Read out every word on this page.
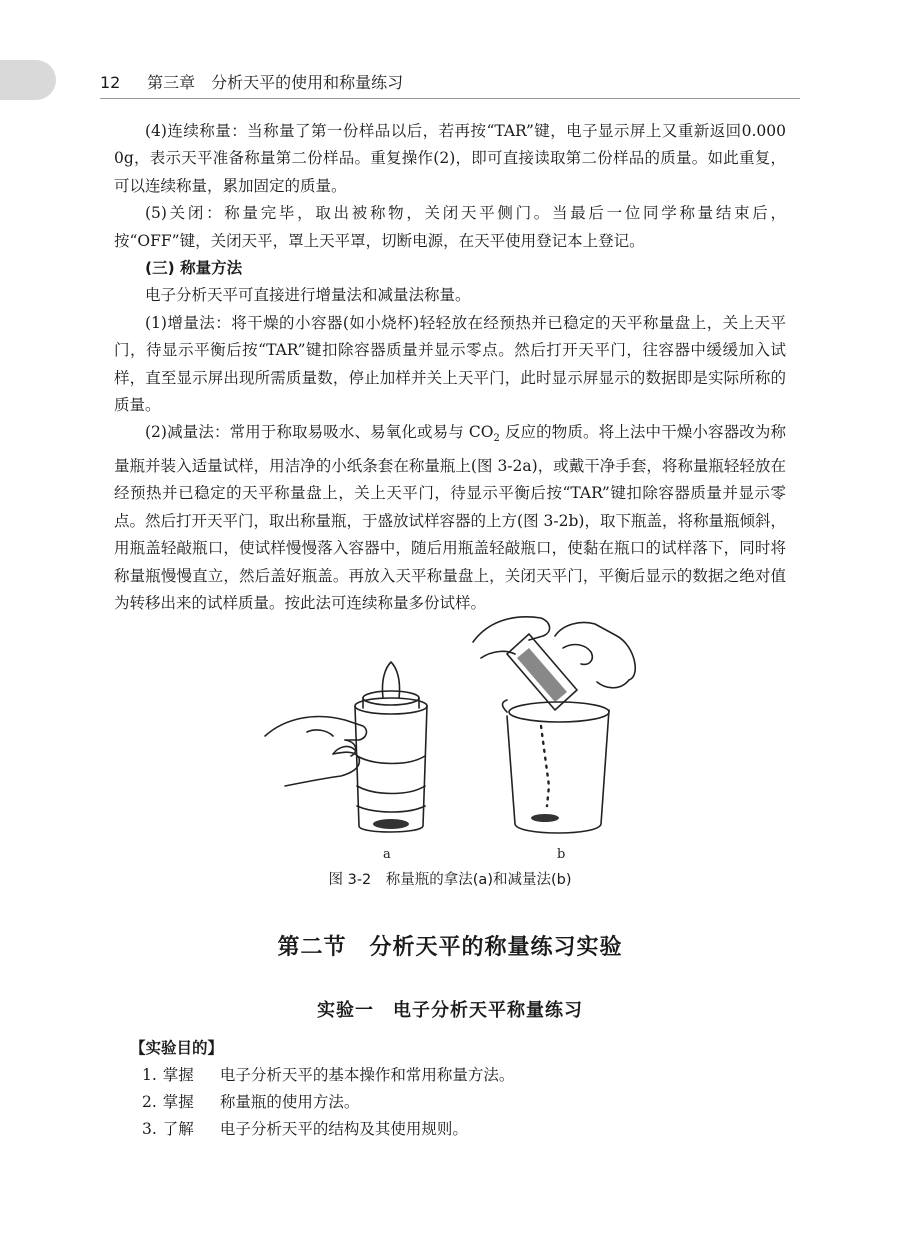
12 第三章　分析天平的使用和称量练习

(4)连续称量：当称量了第一份样品以后，若再按“TAR”键，电子显示屏上又重新返回0.000 0g，表示天平准备称量第二份样品。重复操作(2)，即可直接读取第二份样品的质量。如此重复，可以连续称量，累加固定的质量。

(5)关闭：称量完毕，取出被称物，关闭天平侧门。当最后一位同学称量结束后，按“OFF”键，关闭天平，罩上天平罩，切断电源，在天平使用登记本上登记。

(三) 称量方法

电子分析天平可直接进行增量法和减量法称量。

(1)增量法：将干燥的小容器(如小烧杯)轻轻放在经预热并已稳定的天平称量盘上，关上天平门，待显示平衡后按“TAR”键扣除容器质量并显示零点。然后打开天平门，往容器中缓缓加入试样，直至显示屏出现所需质量数，停止加样并关上天平门，此时显示屏显示的数据即是实际所称的质量。

(2)减量法：常用于称取易吸水、易氧化或易与 $CO_2$ 反应的物质。将上法中干燥小容器改为称量瓶并装入适量试样，用洁净的小纸条套在称量瓶上(图 3-2a)，或戴干净手套，将称量瓶轻轻放在经预热并已稳定的天平称量盘上，关上天平门，待显示平衡后按“TAR”键扣除容器质量并显示零点。然后打开天平门，取出称量瓶，于盛放试样容器的上方(图 3-2b)，取下瓶盖，将称量瓶倾斜，用瓶盖轻敲瓶口，使试样慢慢落入容器中，随后用瓶盖轻敲瓶口，使黏在瓶口的试样落下，同时将称量瓶慢慢直立，然后盖好瓶盖。再放入天平称量盘上，关闭天平门，平衡后显示的数据之绝对值为转移出来的试样质量。按此法可连续称量多份试样。

a	b
图 3-2　称量瓶的拿法(a)和减量法(b)
第二节　分析天平的称量练习实验
实验一　电子分析天平称量练习
【实验目的】
1. 掌握 电子分析天平的基本操作和常用称量方法。
2. 掌握 称量瓶的使用方法。
3. 了解 电子分析天平的结构及其使用规则。
